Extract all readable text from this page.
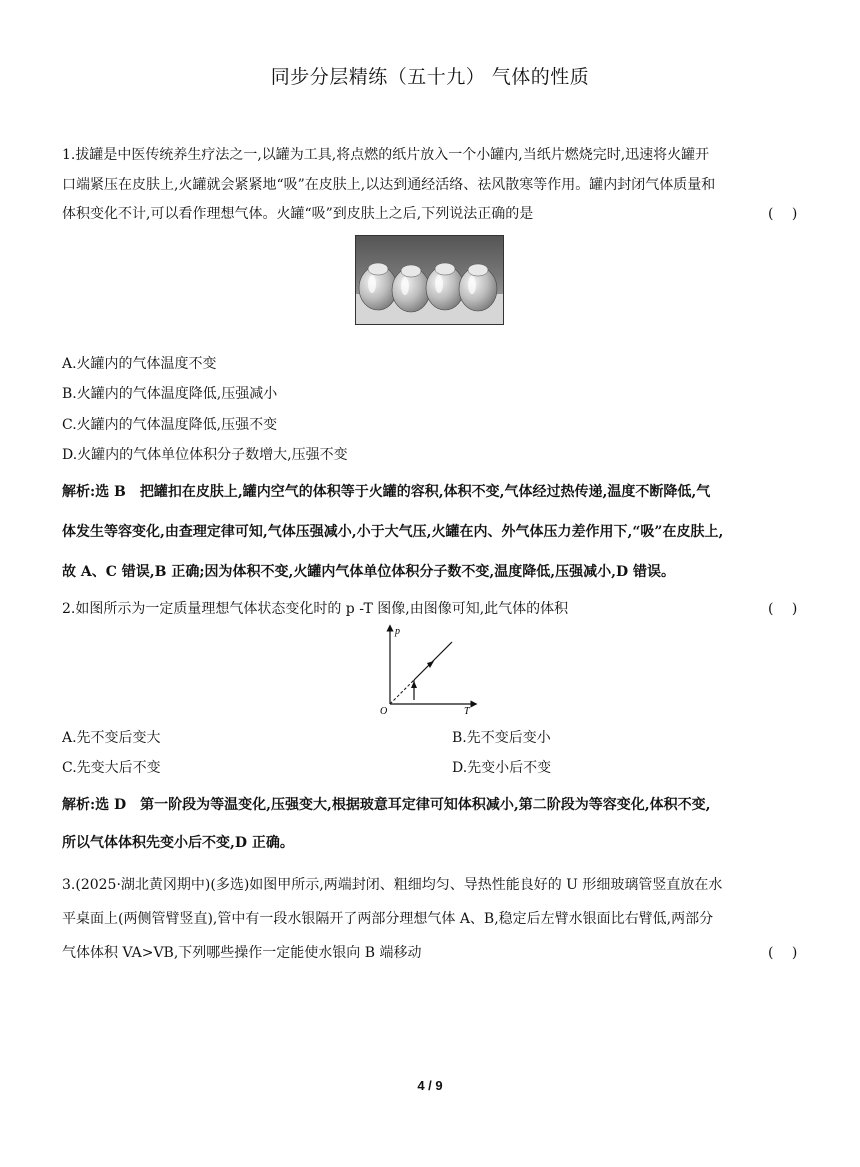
同步分层精练（五十九） 气体的性质
1.拔罐是中医传统养生疗法之一,以罐为工具,将点燃的纸片放入一个小罐内,当纸片燃烧完时,迅速将火罐开
口端紧压在皮肤上,火罐就会紧紧地“吸”在皮肤上,以达到通经活络、祛风散寒等作用。罐内封闭气体质量和
体积变化不计,可以看作理想气体。火罐“吸”到皮肤上之后,下列说法正确的是	(　 )
A.火罐内的气体温度不变
B.火罐内的气体温度降低,压强减小
C.火罐内的气体温度降低,压强不变
D.火罐内的气体单位体积分子数增大,压强不变
解析:选 B　把罐扣在皮肤上,罐内空气的体积等于火罐的容积,体积不变,气体经过热传递,温度不断降低,气
体发生等容变化,由查理定律可知,气体压强减小,小于大气压,火罐在内、外气体压力差作用下,“吸”在皮肤上,
故 A、C 错误,B 正确;因为体积不变,火罐内气体单位体积分子数不变,温度降低,压强减小,D 错误。
2.如图所示为一定质量理想气体状态变化时的 p -T 图像,由图像可知,此气体的体积	(　 )
p
T
O
A.先不变后变大	B.先不变后变小
C.先变大后不变	D.先变小后不变
解析:选 D　第一阶段为等温变化,压强变大,根据玻意耳定律可知体积减小,第二阶段为等容变化,体积不变,
所以气体体积先变小后不变,D 正确。
3.(2025·湖北黄冈期中)(多选)如图甲所示,两端封闭、粗细均匀、导热性能良好的 U 形细玻璃管竖直放在水
平桌面上(两侧管臂竖直),管中有一段水银隔开了两部分理想气体 A、B,稳定后左臂水银面比右臂低,两部分
气体体积 VA>VB,下列哪些操作一定能使水银向 B 端移动	(　 )
4 / 9
